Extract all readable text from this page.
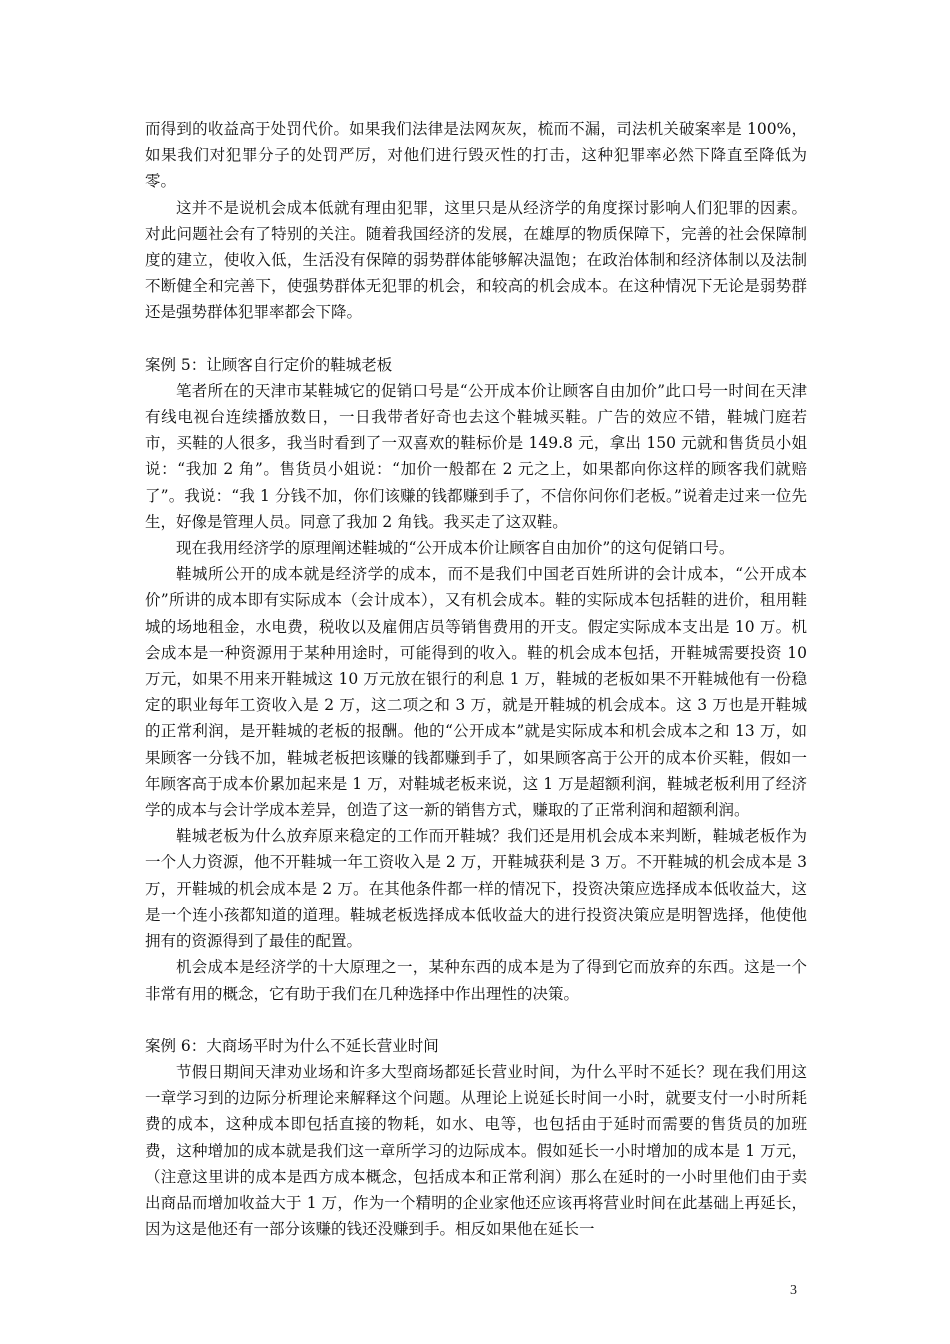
而得到的收益高于处罚代价。如果我们法律是法网灰灰，梳而不漏，司法机关破案率是 100%，如果我们对犯罪分子的处罚严厉，对他们进行毁灭性的打击，这种犯罪率必然下降直至降低为零。

这并不是说机会成本低就有理由犯罪，这里只是从经济学的角度探讨影响人们犯罪的因素。对此问题社会有了特别的关注。随着我国经济的发展，在雄厚的物质保障下，完善的社会保障制度的建立，使收入低，生活没有保障的弱势群体能够解决温饱；在政治体制和经济体制以及法制不断健全和完善下，使强势群体无犯罪的机会，和较高的机会成本。在这种情况下无论是弱势群还是强势群体犯罪率都会下降。

案例 5：让顾客自行定价的鞋城老板

笔者所在的天津市某鞋城它的促销口号是“公开成本价让顾客自由加价”此口号一时间在天津有线电视台连续播放数日，一日我带者好奇也去这个鞋城买鞋。广告的效应不错，鞋城门庭若市，买鞋的人很多，我当时看到了一双喜欢的鞋标价是 149.8 元，拿出 150 元就和售货员小姐说：“我加 2 角”。售货员小姐说：“加价一般都在 2 元之上，如果都向你这样的顾客我们就赔了”。我说：“我 1 分钱不加，你们该赚的钱都赚到手了，不信你问你们老板。”说着走过来一位先生，好像是管理人员。同意了我加 2 角钱。我买走了这双鞋。

现在我用经济学的原理阐述鞋城的“公开成本价让顾客自由加价”的这句促销口号。

鞋城所公开的成本就是经济学的成本，而不是我们中国老百姓所讲的会计成本，“公开成本价”所讲的成本即有实际成本（会计成本），又有机会成本。鞋的实际成本包括鞋的进价，租用鞋城的场地租金，水电费，税收以及雇佣店员等销售费用的开支。假定实际成本支出是 10 万。机会成本是一种资源用于某种用途时，可能得到的收入。鞋的机会成本包括，开鞋城需要投资 10 万元，如果不用来开鞋城这 10 万元放在银行的利息 1 万，鞋城的老板如果不开鞋城他有一份稳定的职业每年工资收入是 2 万，这二项之和 3 万，就是开鞋城的机会成本。这 3 万也是开鞋城的正常利润，是开鞋城的老板的报酬。他的“公开成本”就是实际成本和机会成本之和 13 万，如果顾客一分钱不加，鞋城老板把该赚的钱都赚到手了，如果顾客高于公开的成本价买鞋，假如一年顾客高于成本价累加起来是 1 万，对鞋城老板来说，这 1 万是超额利润，鞋城老板利用了经济学的成本与会计学成本差异，创造了这一新的销售方式，赚取的了正常利润和超额利润。

鞋城老板为什么放弃原来稳定的工作而开鞋城？我们还是用机会成本来判断，鞋城老板作为一个人力资源，他不开鞋城一年工资收入是 2 万，开鞋城获利是 3 万。不开鞋城的机会成本是 3 万，开鞋城的机会成本是 2 万。在其他条件都一样的情况下，投资决策应选择成本低收益大，这是一个连小孩都知道的道理。鞋城老板选择成本低收益大的进行投资决策应是明智选择，他使他拥有的资源得到了最佳的配置。

机会成本是经济学的十大原理之一，某种东西的成本是为了得到它而放弃的东西。这是一个非常有用的概念，它有助于我们在几种选择中作出理性的决策。

案例 6：大商场平时为什么不延长营业时间

节假日期间天津劝业场和许多大型商场都延长营业时间，为什么平时不延长？现在我们用这一章学习到的边际分析理论来解释这个问题。从理论上说延长时间一小时，就要支付一小时所耗费的成本，这种成本即包括直接的物耗，如水、电等，也包括由于延时而需要的售货员的加班费，这种增加的成本就是我们这一章所学习的边际成本。假如延长一小时增加的成本是 1 万元，（注意这里讲的成本是西方成本概念，包括成本和正常利润）那么在延时的一小时里他们由于卖出商品而增加收益大于 1 万，作为一个精明的企业家他还应该再将营业时间在此基础上再延长，因为这是他还有一部分该赚的钱还没赚到手。相反如果他在延长一

3
